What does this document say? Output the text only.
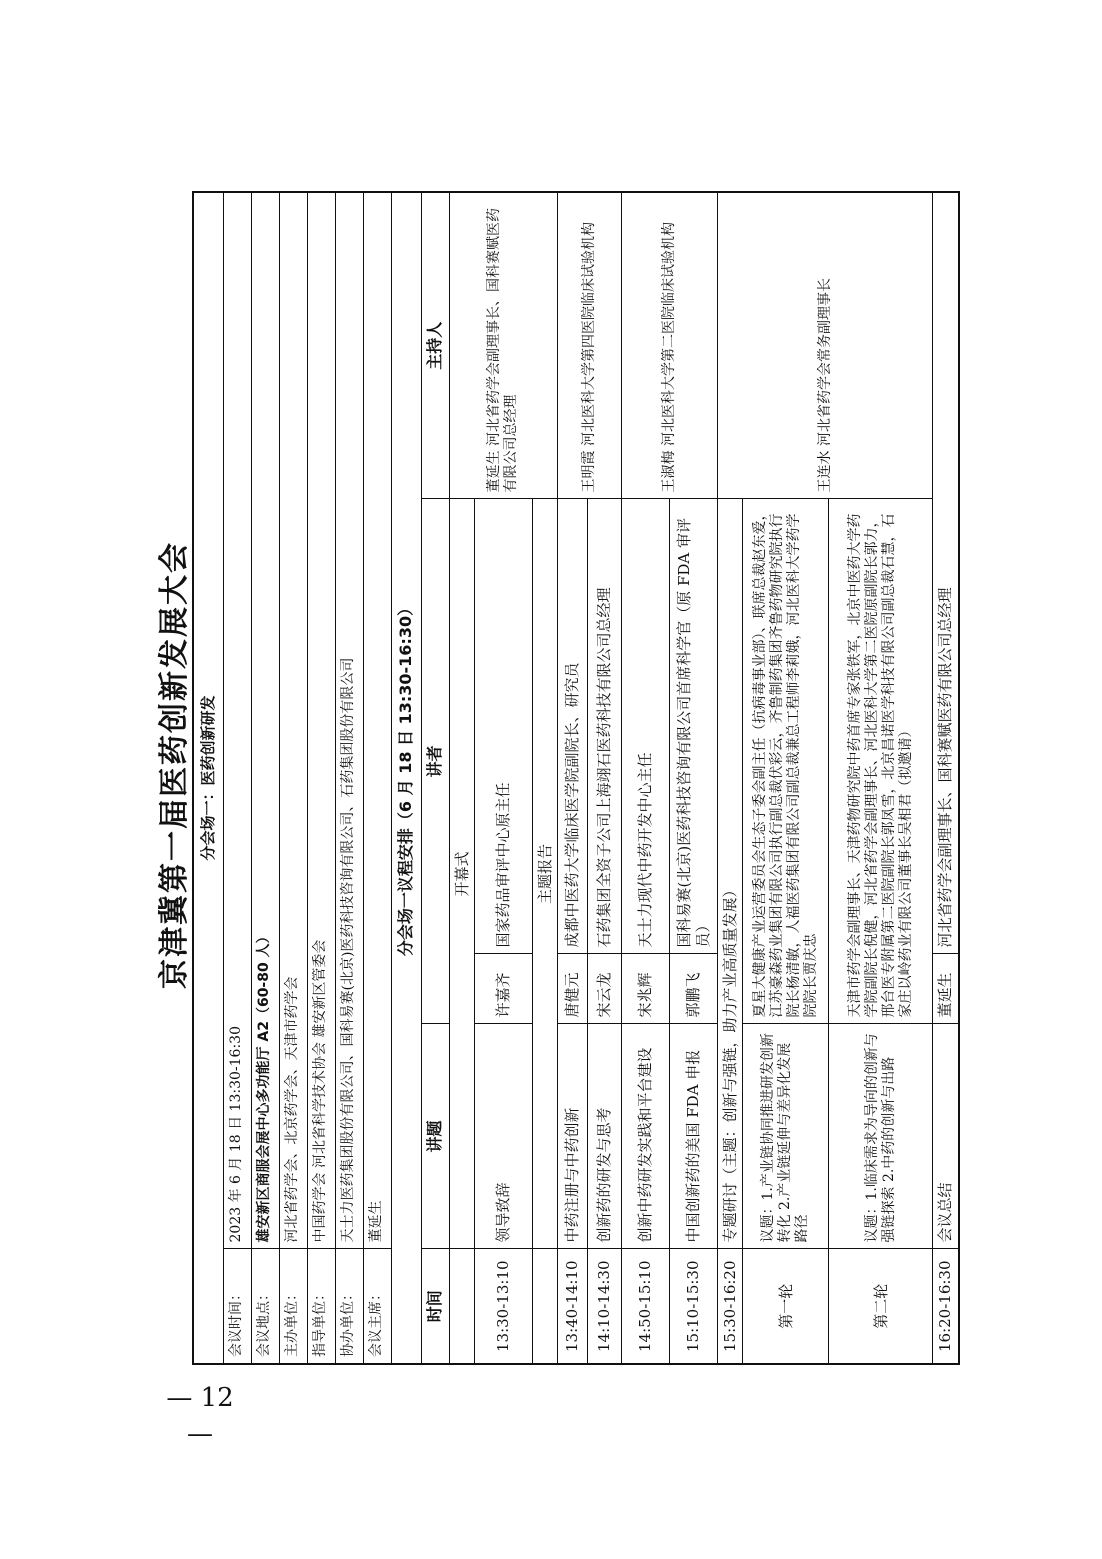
京津冀第一届医药创新发展大会 分会场一：医药创新研发				
会议时间：	2023 年 6 月 18 日 13:30-16:30			
会议地点：	雄安新区商服会展中心多功能厅 A2（60-80 人）			
主办单位：	河北省药学会、北京药学会、天津市药学会			
指导单位：	中国药学会 河北省科学技术协会 雄安新区管委会			
协办单位：	天士力医药集团股份有限公司、国科易赛(北京)医药科技咨询有限公司、石药集团股份有限公司			
会议主席：	董延生			
分会场一议程安排（6 月 18 日 13:30-16:30）				
时间	讲题	讲者		主持人
	开幕式			董延生 河北省药学会副理事长、国科赛赋医药有限公司总经理
13:30-13:10	领导致辞	许嘉齐	国家药品审评中心原主任	
	主题报告			
13:40-14:10	中药注册与中药创新	唐健元	成都中医药大学临床医学院副院长、研究员	王明霞 河北医科大学第四医院临床试验机构
14:10-14:30	创新药的研发与思考	宋云龙	石药集团全资子公司上海翊石医药科技有限公司总经理	
14:50-15:10	创新中药研发实践和平台建设	宋兆辉	天士力现代中药开发中心主任	王淑梅 河北医科大学第二医院临床试验机构
15:10-15:30	中国创新药的美国 FDA 申报	郭鹏飞	国科易赛(北京)医药科技咨询有限公司首席科学官（原 FDA 审评员）	
15:30-16:20	专题研讨（主题：创新与强链，助力产业高质量发展）			王连水 河北省药学会常务副理事长
第一轮	议题：1.产业链协同推进研发创新转化 2.产业链延伸与差异化发展路径	夏星大健康产业运营委员会生态子委会副主任（抗病毒事业部）、联席总裁赵东爱，江苏豪森药业集团有限公司执行副总裁伏彩云，齐鲁制药集团齐鲁药物研究院执行院长杨清敏，人福医药集团有限公司副总裁兼总工程师李莉娥，河北医科大学药学院院长贾庆忠		
第二轮	议题：1.临床需求为导向的创新与强链探索 2.中药的创新与出路	天津市药学会副理事长、天津药物研究院中药首席专家张铁军，北京中医药大学药学院副院长倪健，河北省药学会副理事长、河北医科大学第二医院原副院长郭力，邢台医专附属第二医院副院长郭凤雪，北京昌诺医学科技有限公司副总裁石慧，石家庄以岭药业有限公司董事长吴相君（拟邀请）		
16:20-16:30	会议总结	董延生	河北省药学会副理事长、国科赛赋医药有限公司总经理	
— 12 —
